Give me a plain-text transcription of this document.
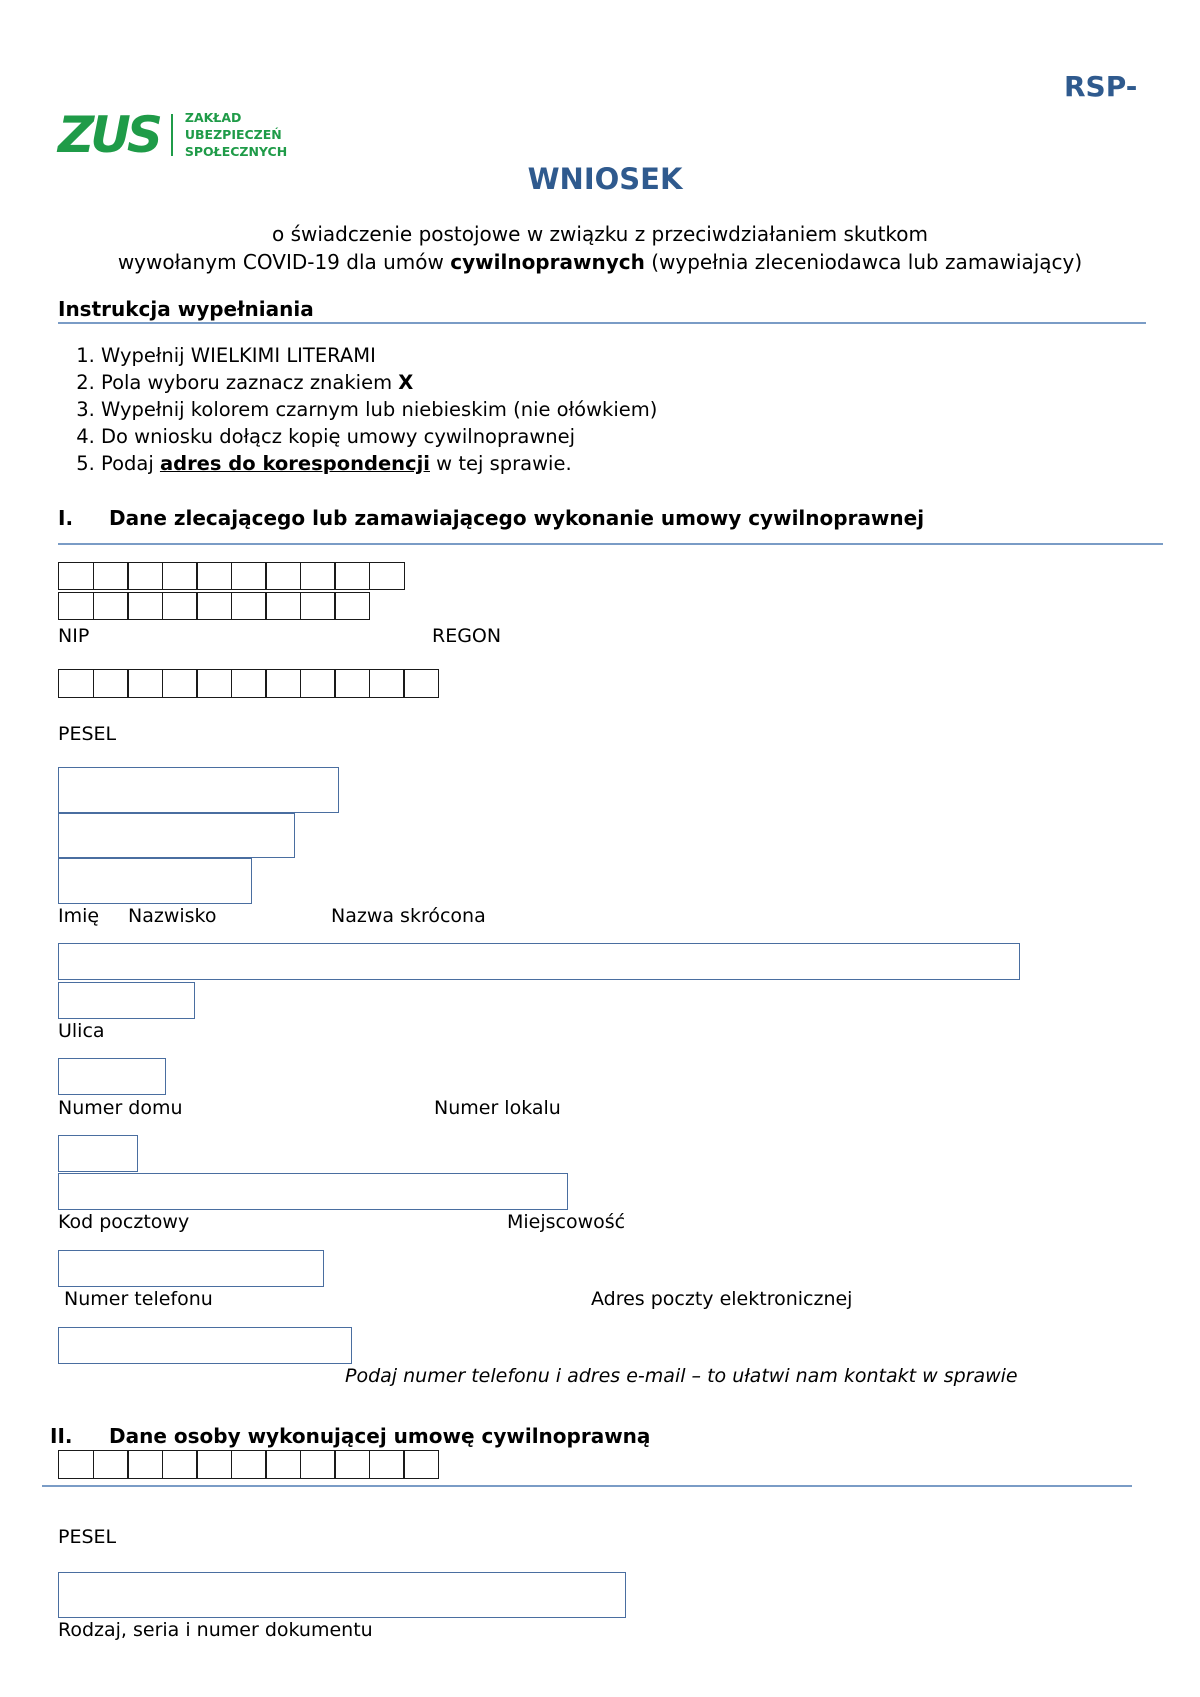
RSP-
ZUS ZAKŁAD
UBEZPIECZEŃ
SPOŁECZNYCH
WNIOSEK
o świadczenie postojowe w związku z przeciwdziałaniem skutkom
wywołanym COVID-19 dla umów cywilnoprawnych (wypełnia zleceniodawca lub zamawiający)
Instrukcja wypełniania
1. Wypełnij WIELKIMI LITERAMI
2. Pola wyboru zaznacz znakiem X
3. Wypełnij kolorem czarnym lub niebieskim (nie ołówkiem)
4. Do wniosku dołącz kopię umowy cywilnoprawnej
5. Podaj adres do korespondencji w tej sprawie.
I. Dane zlecającego lub zamawiającego wykonanie umowy cywilnoprawnej
NIP	REGON
PESEL
Imię Nazwisko	Nazwa skrócona
Ulica
Numer domu	Numer lokalu
Kod pocztowy	Miejscowość
Numer telefonu	Adres poczty elektronicznej
Podaj numer telefonu i adres e-mail – to ułatwi nam kontakt w sprawie
II. Dane osoby wykonującej umowę cywilnoprawną
PESEL
Rodzaj, seria i numer dokumentu
